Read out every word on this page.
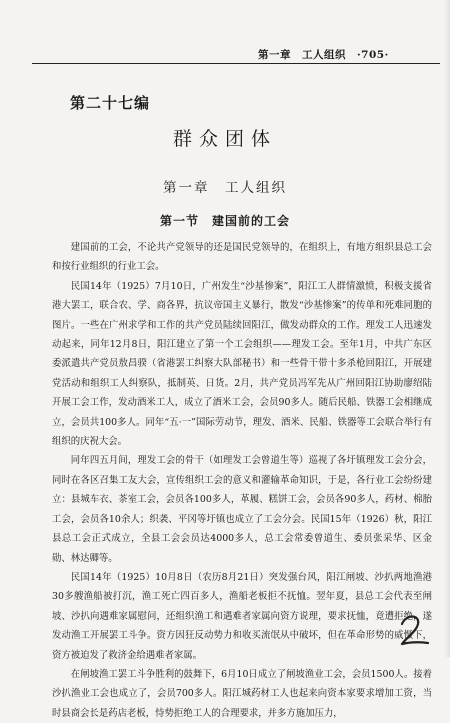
第一章　工人组织　·705·
第二十七编
群众团体
第一章　工人组织
第一节　建国前的工会

建国前的工会，不论共产党领导的还是国民党领导的，在组织上，有地方组织县总工会和按行业组织的行业工会。

民国14年（1925）7月10日，广州发生“沙基惨案”，阳江工人群情激愤，积极支援省港大罢工，联合农、学、商各界，抗议帝国主义暴行，散发“沙基惨案”的传单和死难同胞的图片。一些在广州求学和工作的共产党员陆续回阳江，做发动群众的工作。理发工人迅速发动起来，同年12月8日，阳江建立了第一个工会组织——理发工会。至年1月，中共广东区委派遣共产党员敖昌骙（省港罢工纠察大队部秘书）和一些骨干带十多杀枪回阳江，开展建党活动和组织工人纠察队，抵制英、日货。2月，共产党员冯军先从广州回阳江协助廖绍陆开展工会工作，发动酒米工人，成立了酒米工会，会员90多人。随后民船、铁器工会相继成立，会员共100多人。同年“五·一”国际劳动节，理发、酒米、民船、铁器等工会联合举行有组织的庆祝大会。

同年四五月间，理发工会的骨干（如理发工会曾道生等）巡视了各圩镇理发工会分会，同时在各区召集工友大会，宣传组织工会的意义和灌输革命知识，于是，各行业工会纷纷建立：县城车衣、茶室工会，会员各100多人，革履、糕饼工会，会员各90多人，药材、棉胎工会，会员各10余人；织袭、平冈等圩镇也成立了工会分会。民国15年（1926）秋，阳江县总工会正式成立，全县工会会员达4000多人，总工会常委曾道生、委员张采华、区金勋、林达卿等。

民国14年（1925）10月8日（农历8月21日）突发强台风，阳江闸坡、沙扒两地渔港30多艘渔船被打沉，渔工死亡四百多人，渔船老板拒不抚恤。翌年夏，县总工会代表至闸坡、沙扒向遇难家属慰问，还组织渔工和遇难者家属向资方说理，要求抚恤，竟遭拒绝，遂发动渔工开展罢工斗争。资方因狂反动势力和收买流氓从中破坏，但在革命形势的威慑下，资方被迫发了救济金给遇难者家属。

在闸坡渔工罢工斗争胜利的鼓舞下，6月10日成立了闸坡渔业工会，会员1500人。接着沙扒渔业工会也成立了，会员700多人。阳江城药材工人也起来向资本家要求增加工资，当时县商会长是药店老板，恃势拒绝工人的合理要求，并多方施加压力，
